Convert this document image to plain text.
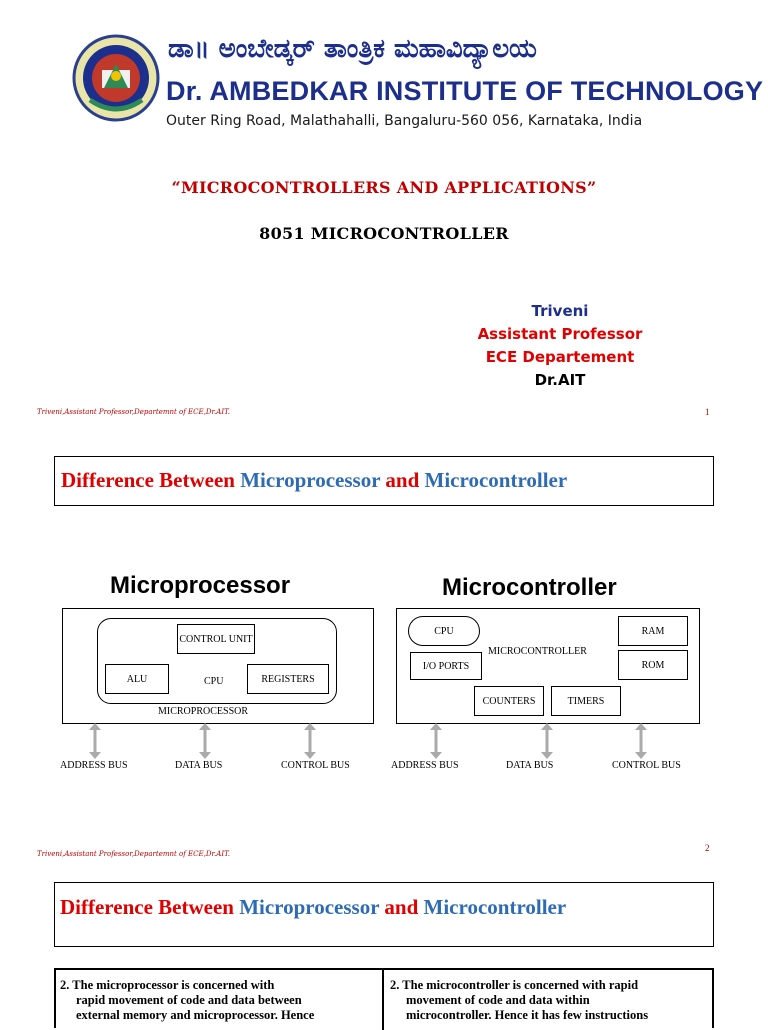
ಡಾ॥ ಅಂಬೇಡ್ಕರ್ ತಾಂತ್ರಿಕ ಮಹಾವಿದ್ಯಾಲಯ
Dr. AMBEDKAR INSTITUTE OF TECHNOLOGY
Outer Ring Road, Malathahalli, Bangaluru-560 056, Karnataka, India
“MICROCONTROLLERS AND APPLICATIONS”
8051 MICROCONTROLLER
Triveni
Assistant Professor
ECE Departement
Dr.AIT
Triveni,Assistant Professor,Departemnt of ECE,Dr.AIT.	1
Difference Between Microprocessor and Microcontroller
Microprocessor
CONTROL UNIT
ALU	CPU	REGISTERS
MICROPROCESSOR
ADDRESS BUS	DATA BUS	CONTROL BUS
Microcontroller
CPU
I/O PORTS
MICROCONTROLLER
RAM
ROM
COUNTERS	TIMERS
ADDRESS BUS	DATA BUS	CONTROL BUS
Triveni,Assistant Professor,Departemnt of ECE,Dr.AIT.
2
Difference Between Microprocessor and Microcontroller
2. The microprocessor is concerned with
rapid movement of code and data between
external memory and microprocessor. Hence
2. The microcontroller is concerned with rapid
movement of code and data within
microcontroller. Hence it has few instructions
